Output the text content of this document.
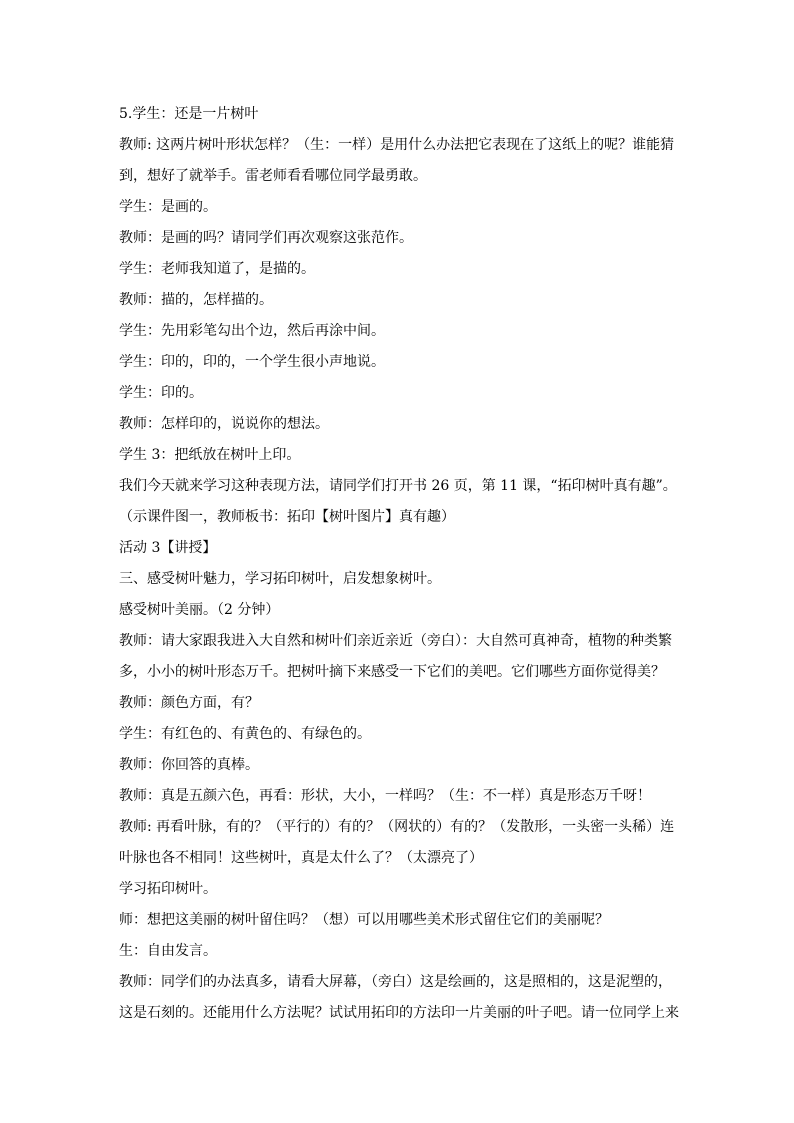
5.学生：还是一片树叶
教师: 这两片树叶形状怎样？（生：一样）是用什么办法把它表现在了这纸上的呢？谁能猜
到，想好了就举手。雷老师看看哪位同学最勇敢。
学生：是画的。
教师：是画的吗？请同学们再次观察这张范作。
学生：老师我知道了，是描的。
教师：描的，怎样描的。
学生：先用彩笔勾出个边，然后再涂中间。
学生：印的，印的，一个学生很小声地说。
学生：印的。
教师：怎样印的，说说你的想法。
学生 3：把纸放在树叶上印。
我们今天就来学习这种表现方法，请同学们打开书 26 页，第 11 课，“拓印树叶真有趣”。
（示课件图一，教师板书：拓印【树叶图片】真有趣）
活动 3【讲授】
三、感受树叶魅力，学习拓印树叶，启发想象树叶。
感受树叶美丽。（2 分钟）
教师：请大家跟我进入大自然和树叶们亲近亲近（旁白）：大自然可真神奇，植物的种类繁
多，小小的树叶形态万千。把树叶摘下来感受一下它们的美吧。它们哪些方面你觉得美？
教师：颜色方面，有？
学生：有红色的、有黄色的、有绿色的。
教师：你回答的真棒。
教师：真是五颜六色，再看：形状，大小，一样吗？（生：不一样）真是形态万千呀！
教师: 再看叶脉，有的？（平行的）有的？（网状的）有的？（发散形，一头密一头稀）连
叶脉也各不相同！这些树叶，真是太什么了？（太漂亮了）
学习拓印树叶。
师：想把这美丽的树叶留住吗？（想）可以用哪些美术形式留住它们的美丽呢？
生：自由发言。
教师：同学们的办法真多，请看大屏幕，（旁白）这是绘画的，这是照相的，这是泥塑的，
这是石刻的。还能用什么方法呢？试试用拓印的方法印一片美丽的叶子吧。请一位同学上来
